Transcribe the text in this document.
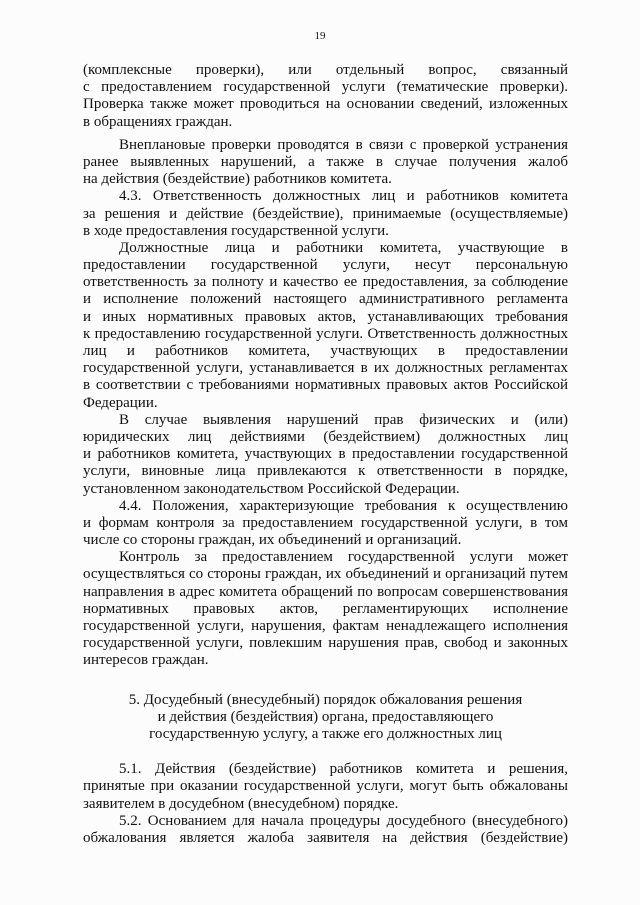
19
(комплексные проверки), или отдельный вопрос, связанный
с предоставлением государственной услуги (тематические проверки).
Проверка также может проводиться на основании сведений, изложенных
в обращениях граждан.
Внеплановые проверки проводятся в связи с проверкой устранения
ранее выявленных нарушений, а также в случае получения жалоб
на действия (бездействие) работников комитета.
4.3. Ответственность должностных лиц и работников комитета
за решения и действие (бездействие), принимаемые (осуществляемые)
в ходе предоставления государственной услуги.
Должностные лица и работники комитета, участвующие в
предоставлении государственной услуги, несут персональную
ответственность за полноту и качество ее предоставления, за соблюдение
и исполнение положений настоящего административного регламента
и иных нормативных правовых актов, устанавливающих требования
к предоставлению государственной услуги. Ответственность должностных
лиц и работников комитета, участвующих в предоставлении
государственной услуги, устанавливается в их должностных регламентах
в соответствии с требованиями нормативных правовых актов Российской
Федерации.
В случае выявления нарушений прав физических и (или)
юридических лиц действиями (бездействием) должностных лиц
и работников комитета, участвующих в предоставлении государственной
услуги, виновные лица привлекаются к ответственности в порядке,
установленном законодательством Российской Федерации.
4.4. Положения, характеризующие требования к осуществлению
и формам контроля за предоставлением государственной услуги, в том
числе со стороны граждан, их объединений и организаций.
Контроль за предоставлением государственной услуги может
осуществляться со стороны граждан, их объединений и организаций путем
направления в адрес комитета обращений по вопросам совершенствования
нормативных правовых актов, регламентирующих исполнение
государственной услуги, нарушения, фактам ненадлежащего исполнения
государственной услуги, повлекшим нарушения прав, свобод и законных
интересов граждан.
5. Досудебный (внесудебный) порядок обжалования решения
и действия (бездействия) органа, предоставляющего
государственную услугу, а также его должностных лиц
5.1. Действия (бездействие) работников комитета и решения,
принятые при оказании государственной услуги, могут быть обжалованы
заявителем в досудебном (внесудебном) порядке.
5.2. Основанием для начала процедуры досудебного (внесудебного)
обжалования является жалоба заявителя на действия (бездействие)
